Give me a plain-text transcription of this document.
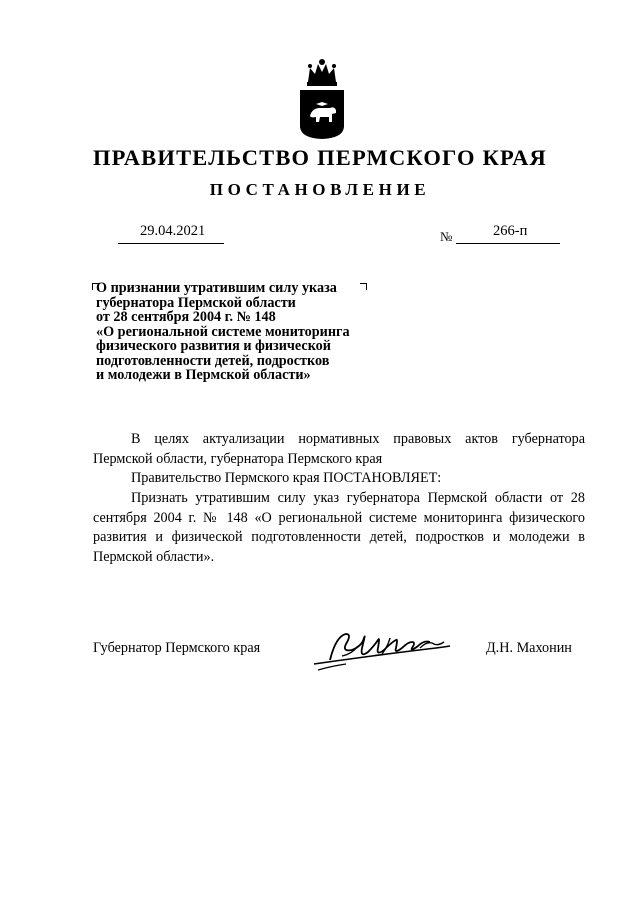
ПРАВИТЕЛЬСТВО ПЕРМСКОГО КРАЯ
ПОСТАНОВЛЕНИЕ
29.04.2021	№	266-п
О признании утратившим силу указа
губернатора Пермской области
от 28 сентября 2004 г. № 148
«О региональной системе мониторинга
физического развития и физической
подготовленности детей, подростков
и молодежи в Пермской области»
В целях актуализации нормативных правовых актов губернатора Пермской области, губернатора Пермского края
Правительство Пермского края ПОСТАНОВЛЯЕТ:
Признать утратившим силу указ губернатора Пермской области от 28 сентября 2004 г. № 148 «О региональной системе мониторинга физического развития и физической подготовленности детей, подростков и молодежи в Пермской области».
Губернатор Пермского края	Д.Н. Махонин
